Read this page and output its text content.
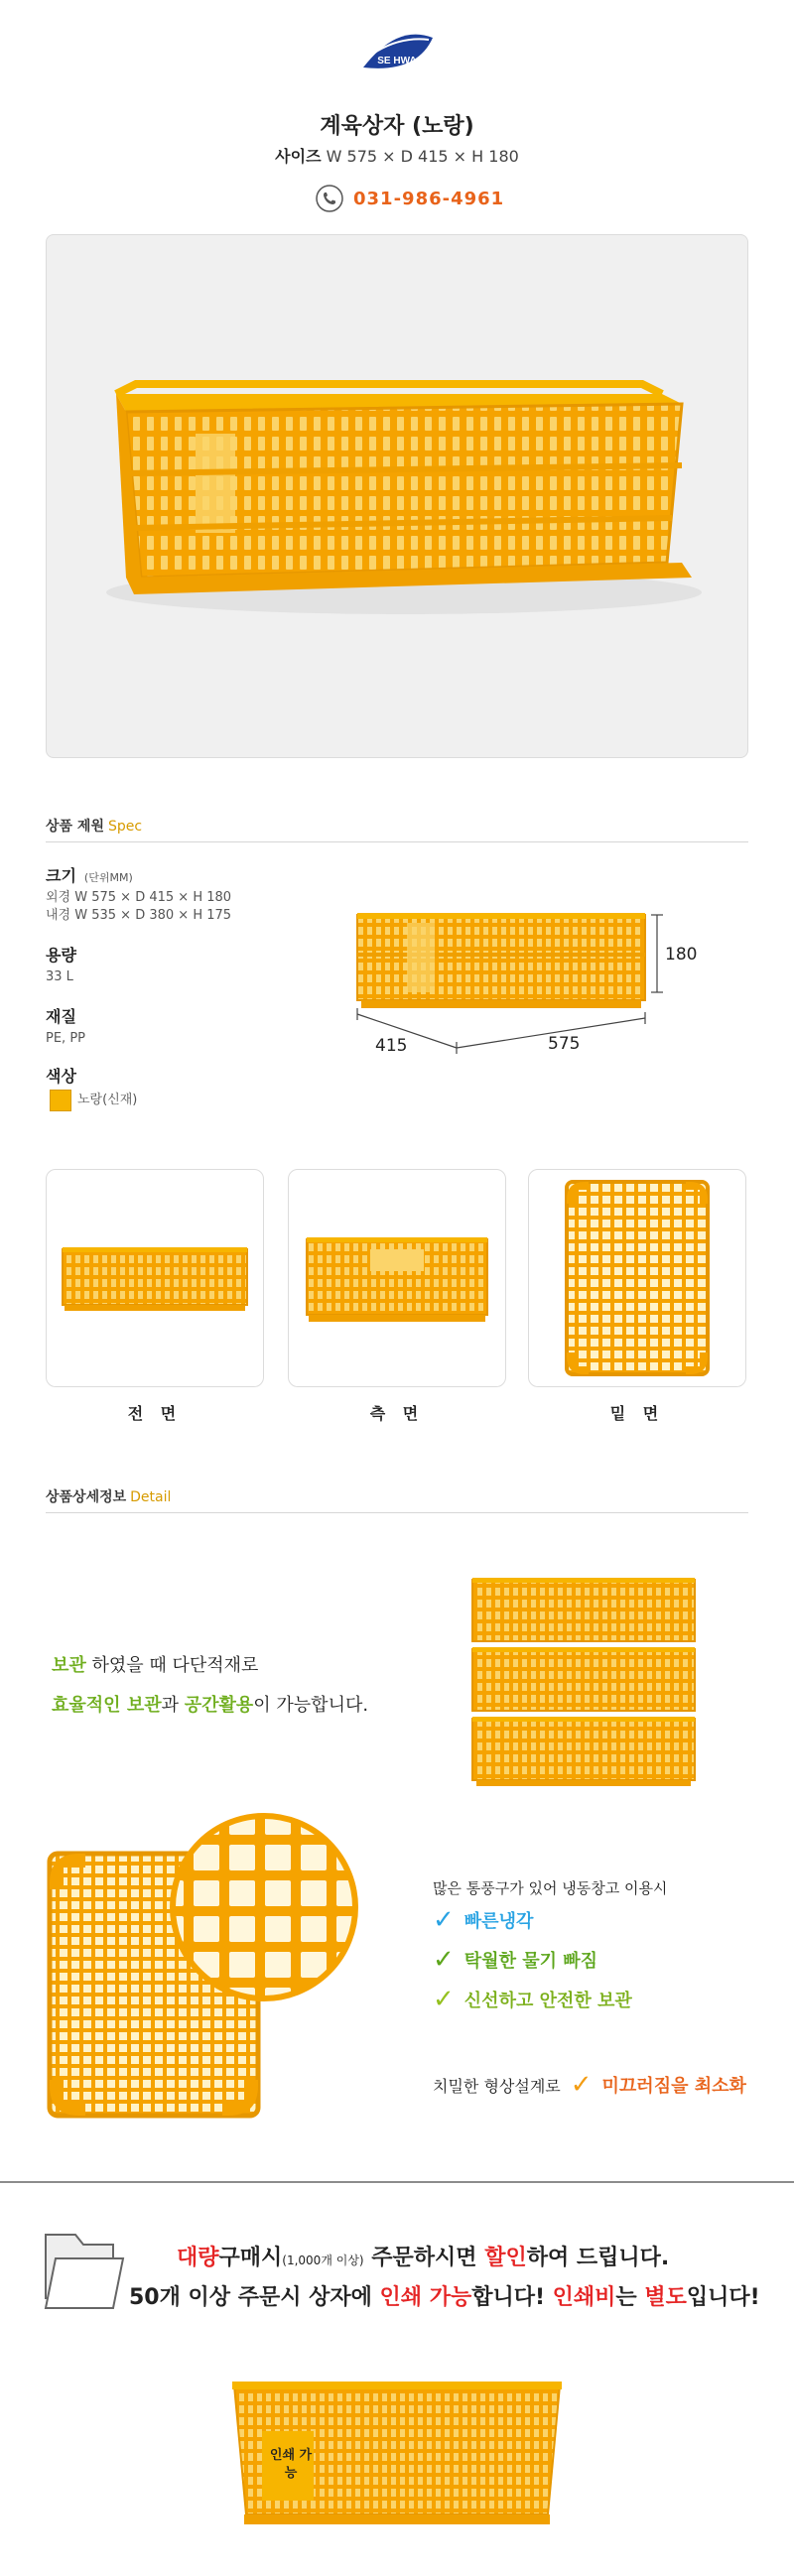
SE HWA
계육상자 (노랑)
사이즈 W 575 × D 415 × H 180
031-986-4961
상품 제원 Spec
크기 (단위MM)
외경 W 575 × D 415 × H 180
내경 W 535 × D 380 × H 175
용량
33 L
재질
PE, PP
색상
노랑(신재)
180
415	575
전 면	측 면	밑 면
상품상세정보 Detail
보관 하였을 때 다단적재로
효율적인 보관과 공간활용이 가능합니다.
많은 통풍구가 있어 냉동창고 이용시
✓ 빠른냉각
✓ 탁월한 물기 빠짐
✓ 신선하고 안전한 보관
치밀한 형상설계로 ✓ 미끄러짐을 최소화
대량구매시(1,000개 이상) 주문하시면 할인하여 드립니다.
50개 이상 주문시 상자에 인쇄 가능합니다! 인쇄비는 별도입니다!
인쇄 가능
